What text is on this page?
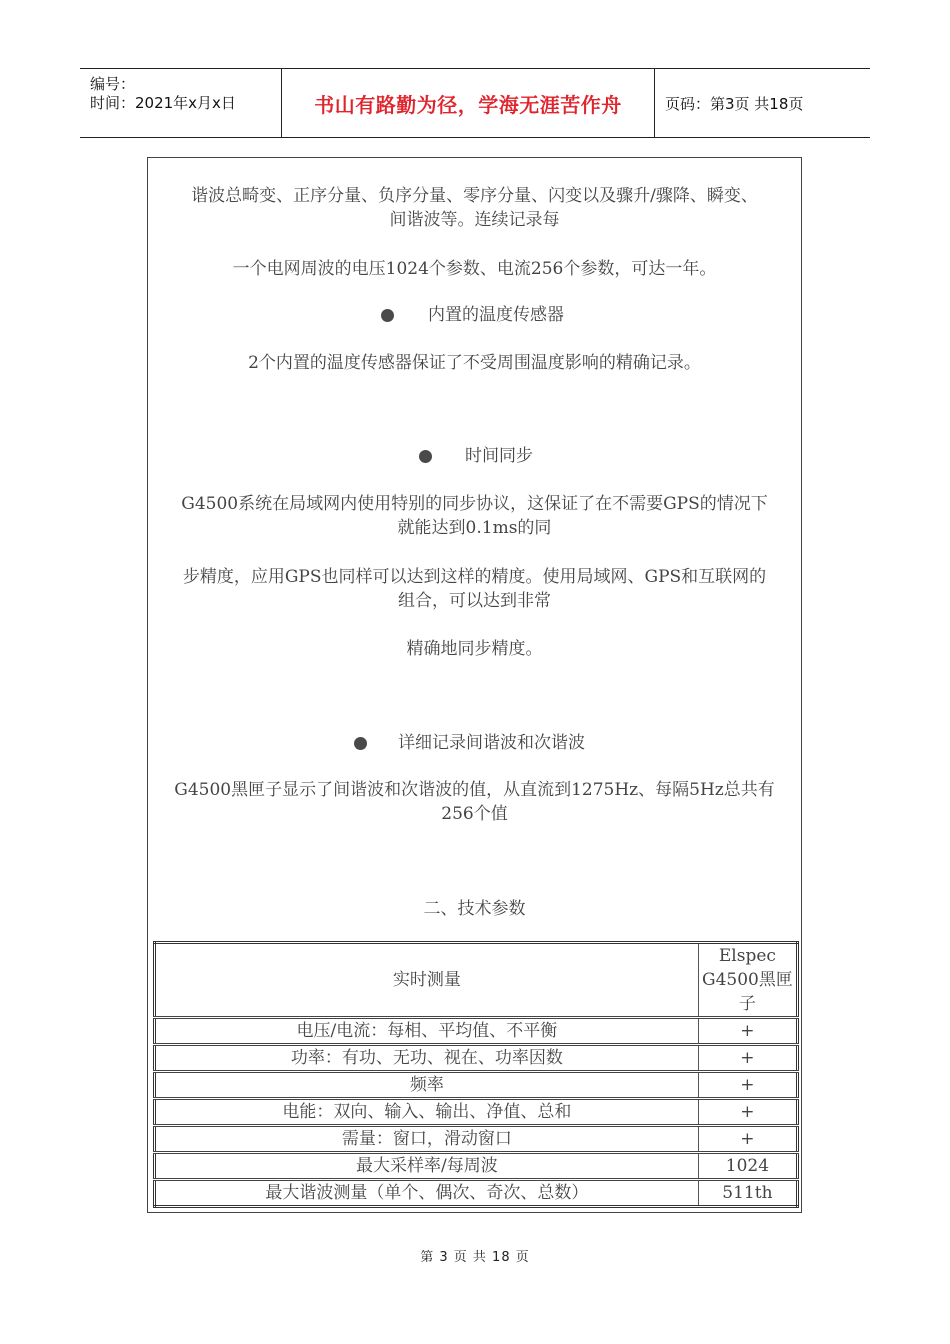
编号：
时间：2021年x月x日	书山有路勤为径，学海无涯苦作舟	页码：第3页 共18页
谐波总畸变、正序分量、负序分量、零序分量、闪变以及骤升/骤降、瞬变、
间谐波等。连续记录每
一个电网周波的电压1024个参数、电流256个参数，可达一年。
内置的温度传感器
2个内置的温度传感器保证了不受周围温度影响的精确记录。
时间同步
G4500系统在局域网内使用特别的同步协议，这保证了在不需要GPS的情况下
就能达到0.1ms的同
步精度，应用GPS也同样可以达到这样的精度。使用局域网、GPS和互联网的
组合，可以达到非常
精确地同步精度。
详细记录间谐波和次谐波
G4500黑匣子显示了间谐波和次谐波的值，从直流到1275Hz、每隔5Hz总共有
256个值
二、技术参数
实时测量	Elspec
G4500黑匣
子

电压/电流：每相、平均值、不平衡	+
功率：有功、无功、视在、功率因数	+
频率	+
电能：双向、输入、输出、净值、总和	+
需量：窗口，滑动窗口	+
最大采样率/每周波	1024
最大谐波测量（单个、偶次、奇次、总数）	511th
第 3 页 共 18 页
